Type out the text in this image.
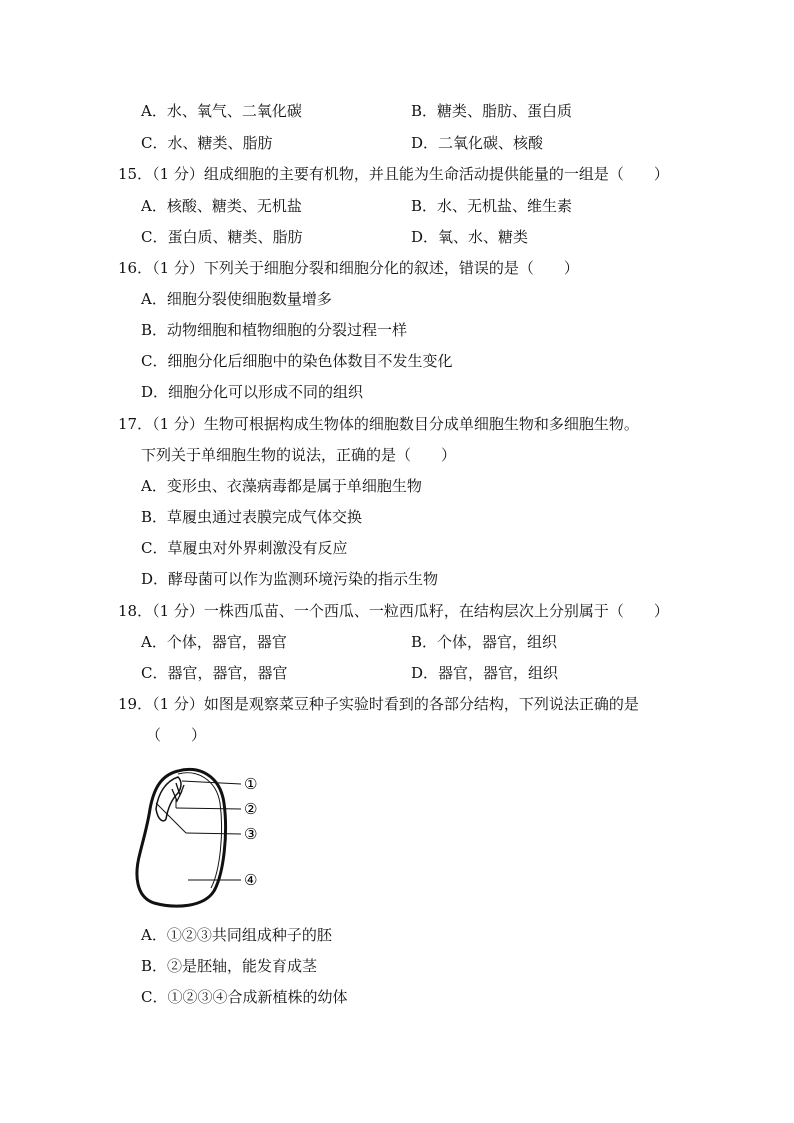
A．水、氧气、二氧化碳	B．糖类、脂肪、蛋白质
C．水、糖类、脂肪	D．二氧化碳、核酸
15．（1 分）组成细胞的主要有机物，并且能为生命活动提供能量的一组是（　　）
A．核酸、糖类、无机盐	B．水、无机盐、维生素
C．蛋白质、糖类、脂肪	D．氧、水、糖类
16．（1 分）下列关于细胞分裂和细胞分化的叙述，错误的是（　　）
A．细胞分裂使细胞数量增多
B．动物细胞和植物细胞的分裂过程一样
C．细胞分化后细胞中的染色体数目不发生变化
D．细胞分化可以形成不同的组织
17．（1 分）生物可根据构成生物体的细胞数目分成单细胞生物和多细胞生物。
下列关于单细胞生物的说法，正确的是（　　）
A．变形虫、衣藻病毒都是属于单细胞生物
B．草履虫通过表膜完成气体交换
C．草履虫对外界刺激没有反应
D．酵母菌可以作为监测环境污染的指示生物
18．（1 分）一株西瓜苗、一个西瓜、一粒西瓜籽，在结构层次上分别属于（　　）
A．个体，器官，器官	B．个体，器官，组织
C．器官，器官，器官	D．器官，器官，组织
19．（1 分）如图是观察菜豆种子实验时看到的各部分结构，下列说法正确的是
（　　）
①
②
③
④
A．①②③共同组成种子的胚
B．②是胚轴，能发育成茎
C．①②③④合成新植株的幼体
